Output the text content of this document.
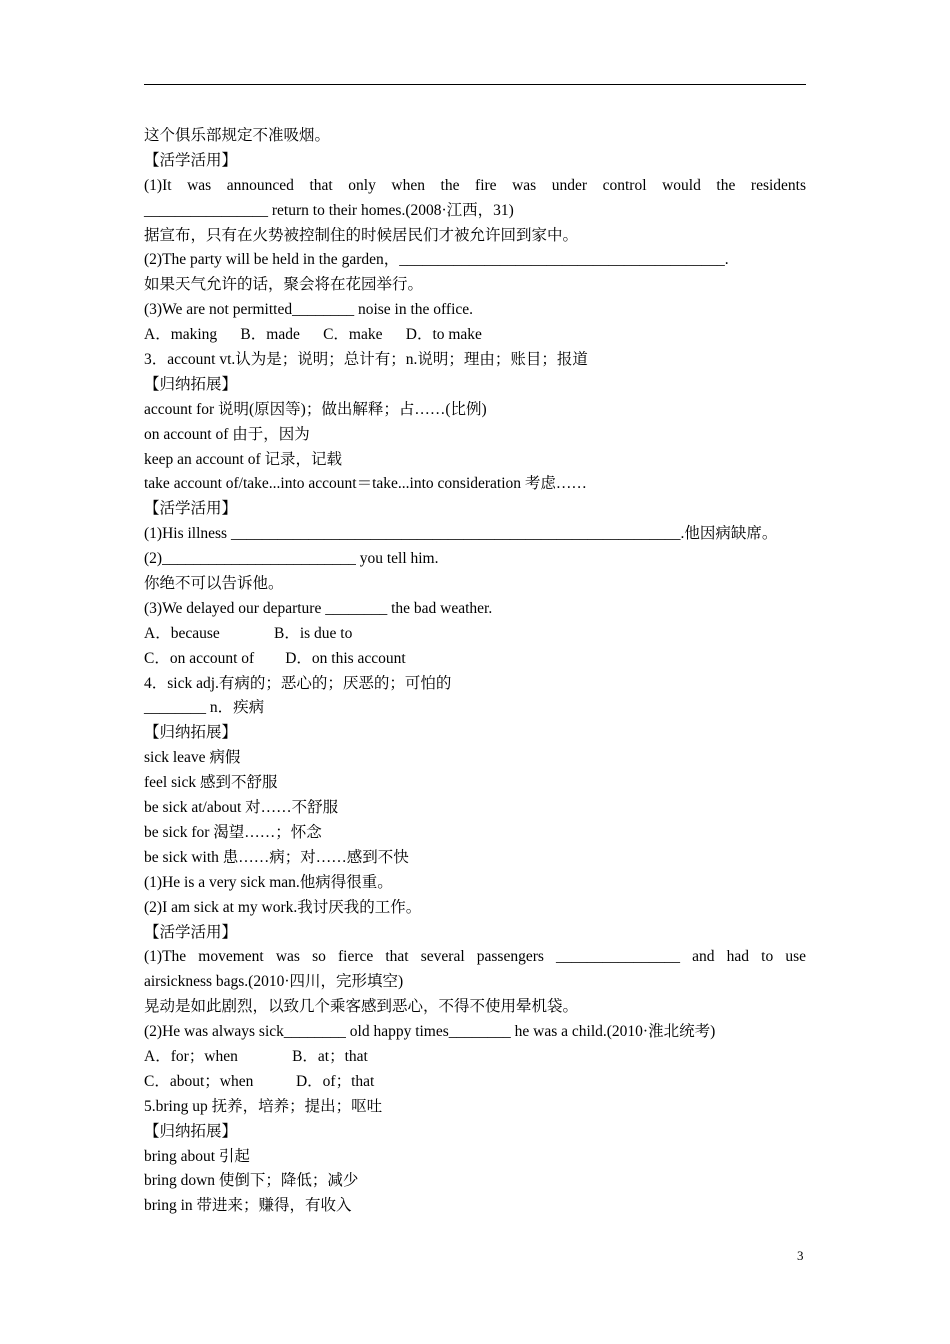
这个俱乐部规定不准吸烟。
【活学活用】
(1)It was announced that only when the fire was under control would the residents
________________ return to their homes.(2008·江西，31)
据宣布，只有在火势被控制住的时候居民们才被允许回到家中。
(2)The party will be held in the garden，__________________________________________.
如果天气允许的话，聚会将在花园举行。
(3)We are not permitted________ noise in the office.
A．making      B．made      C．make      D．to make
3．account vt.认为是；说明；总计有；n.说明；理由；账目；报道
【归纳拓展】
account for 说明(原因等)；做出解释；占……(比例)
on account of 由于，因为
keep an account of 记录，记载
take account of/take...into account＝take...into consideration 考虑……
【活学活用】
(1)His illness __________________________________________________________.他因病缺席。
(2)_________________________ you tell him.
你绝不可以告诉他。
(3)We delayed our departure ________ the bad weather.
A．because              B．is due to
C．on account of        D．on this account
4．sick adj.有病的；恶心的；厌恶的；可怕的
________ n．疾病
【归纳拓展】
sick leave 病假
feel sick 感到不舒服
be sick at/about 对……不舒服
be sick for 渴望……；怀念
be sick with 患……病；对……感到不快
(1)He is a very sick man.他病得很重。
(2)I am sick at my work.我讨厌我的工作。
【活学活用】
(1)The movement was so fierce that several passengers ________________ and had to use
airsickness bags.(2010·四川，完形填空)
晃动是如此剧烈，以致几个乘客感到恶心，不得不使用晕机袋。
(2)He was always sick________ old happy times________ he was a child.(2010·淮北统考)
A．for；when              B．at；that
C．about；when           D．of；that
5.bring up 抚养，培养；提出；呕吐
【归纳拓展】
bring about 引起
bring down 使倒下；降低；减少
bring in 带进来；赚得，有收入
3
